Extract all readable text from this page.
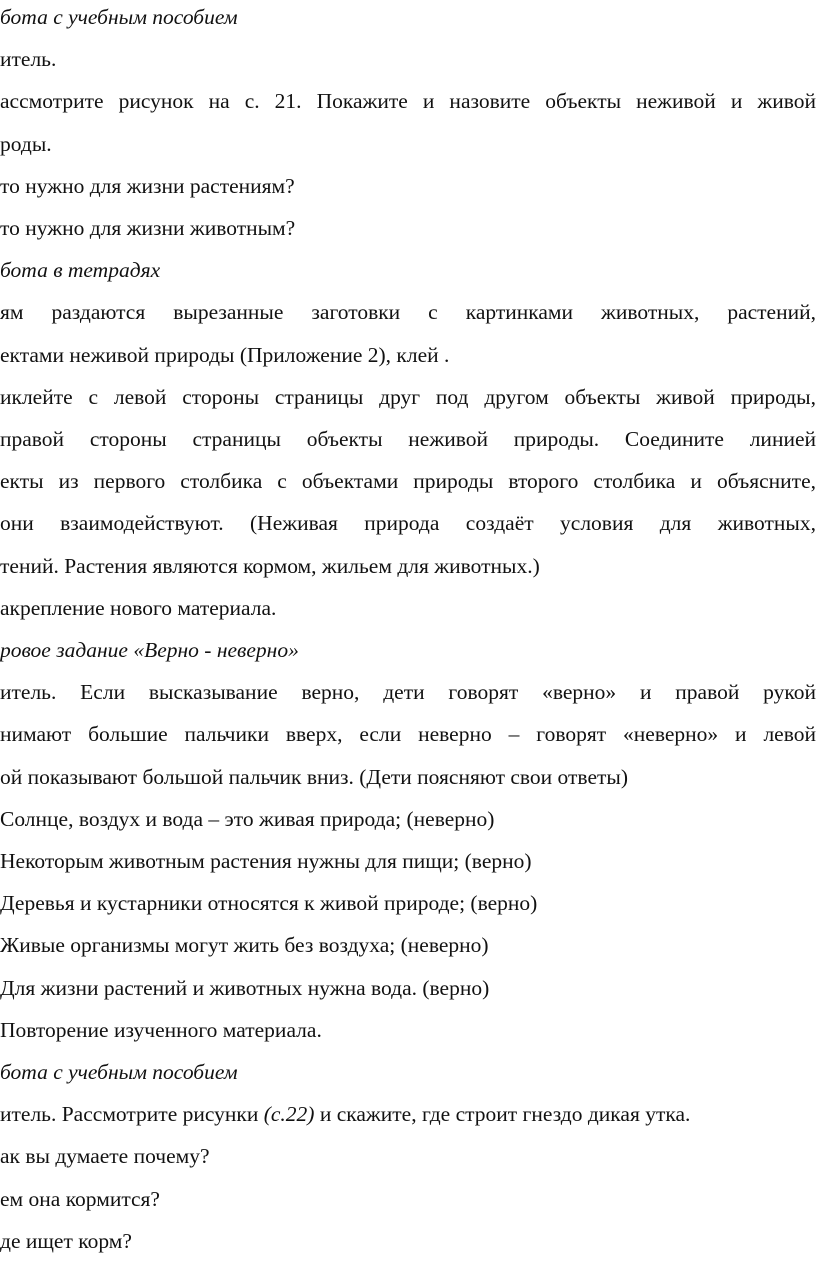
бота с учебным пособием
итель.
ассмотрите рисунок на с. 21. Покажите и назовите объекты неживой и живой
роды.
то нужно для жизни растениям?
то нужно для жизни животным?
бота в тетрадях
ям раздаются вырезанные заготовки с картинками животных, растений,
ектами неживой природы (Приложение 2), клей .
иклейте с левой стороны страницы друг под другом объекты живой природы,
правой стороны страницы объекты неживой природы. Соедините линией
екты из первого столбика с объектами природы второго столбика и объясните,
они взаимодействуют. (Неживая природа создаёт условия для животных,
тений. Растения являются кормом, жильем для животных.)
акрепление нового материала.
ровое задание «Верно - неверно»
итель. Если высказывание верно, дети говорят «верно» и правой рукой
нимают большие пальчики вверх, если неверно – говорят «неверно» и левой
ой показывают большой пальчик вниз. (Дети поясняют свои ответы)
Солнце, воздух и вода – это живая природа; (неверно)
Некоторым животным растения нужны для пищи; (верно)
Деревья и кустарники относятся к живой природе; (верно)
Живые организмы могут жить без воздуха; (неверно)
Для жизни растений и животных нужна вода. (верно)
Повторение изученного материала.
бота с учебным пособием
итель. Рассмотрите рисунки (с.22) и скажите, где строит гнездо дикая утка.
ак вы думаете почему?
ем она кормится?
де ищет корм?
